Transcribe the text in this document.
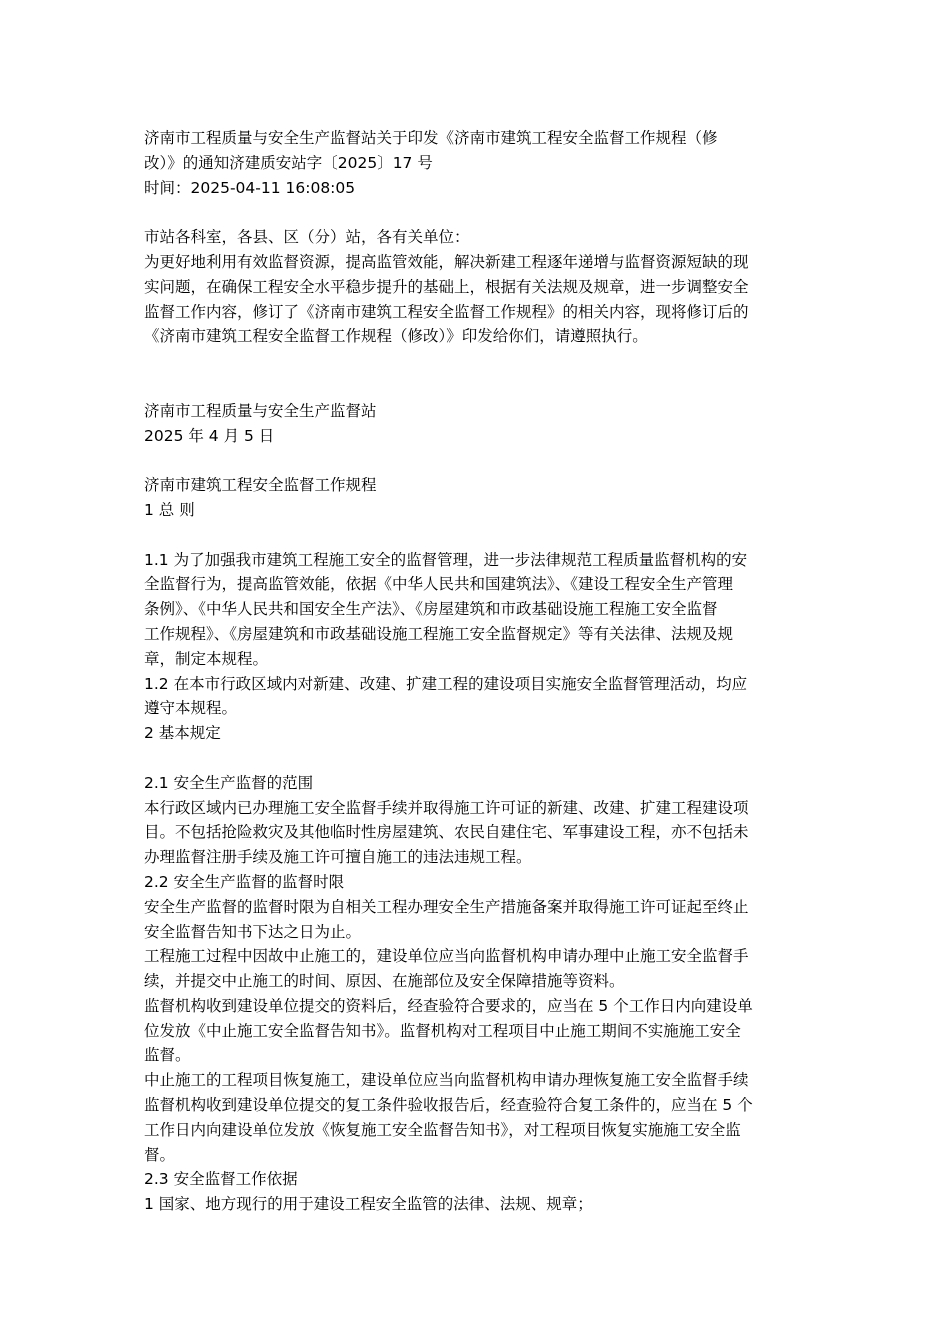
济南市工程质量与安全生产监督站关于印发《济南市建筑工程安全监督工作规程（修
改）》的通知济建质安站字〔2025〕17 号
时间：2025-04-11 16:08:05
市站各科室，各县、区（分）站，各有关单位：
为更好地利用有效监督资源，提高监管效能，解决新建工程逐年递增与监督资源短缺的现
实问题，在确保工程安全水平稳步提升的基础上，根据有关法规及规章，进一步调整安全
监督工作内容，修订了《济南市建筑工程安全监督工作规程》的相关内容，现将修订后的
《济南市建筑工程安全监督工作规程（修改）》印发给你们，请遵照执行。
济南市工程质量与安全生产监督站
2025 年 4 月 5 日
济南市建筑工程安全监督工作规程
1 总 则
1.1 为了加强我市建筑工程施工安全的监督管理，进一步法律规范工程质量监督机构的安
全监督行为，提高监管效能，依据《中华人民共和国建筑法》、《建设工程安全生产管理
条例》、《中华人民共和国安全生产法》、《房屋建筑和市政基础设施工程施工安全监督
工作规程》、《房屋建筑和市政基础设施工程施工安全监督规定》等有关法律、法规及规
章，制定本规程。
1.2 在本市行政区域内对新建、改建、扩建工程的建设项目实施安全监督管理活动，均应
遵守本规程。
2 基本规定
2.1 安全生产监督的范围
本行政区域内已办理施工安全监督手续并取得施工许可证的新建、改建、扩建工程建设项
目。不包括抢险救灾及其他临时性房屋建筑、农民自建住宅、军事建设工程，亦不包括未
办理监督注册手续及施工许可擅自施工的违法违规工程。
2.2 安全生产监督的监督时限
安全生产监督的监督时限为自相关工程办理安全生产措施备案并取得施工许可证起至终止
安全监督告知书下达之日为止。
工程施工过程中因故中止施工的，建设单位应当向监督机构申请办理中止施工安全监督手
续，并提交中止施工的时间、原因、在施部位及安全保障措施等资料。
监督机构收到建设单位提交的资料后，经查验符合要求的，应当在 5 个工作日内向建设单
位发放《中止施工安全监督告知书》。监督机构对工程项目中止施工期间不实施施工安全
监督。
中止施工的工程项目恢复施工，建设单位应当向监督机构申请办理恢复施工安全监督手续
监督机构收到建设单位提交的复工条件验收报告后，经查验符合复工条件的，应当在 5 个
工作日内向建设单位发放《恢复施工安全监督告知书》，对工程项目恢复实施施工安全监
督。
2.3 安全监督工作依据
1 国家、地方现行的用于建设工程安全监管的法律、法规、规章；
